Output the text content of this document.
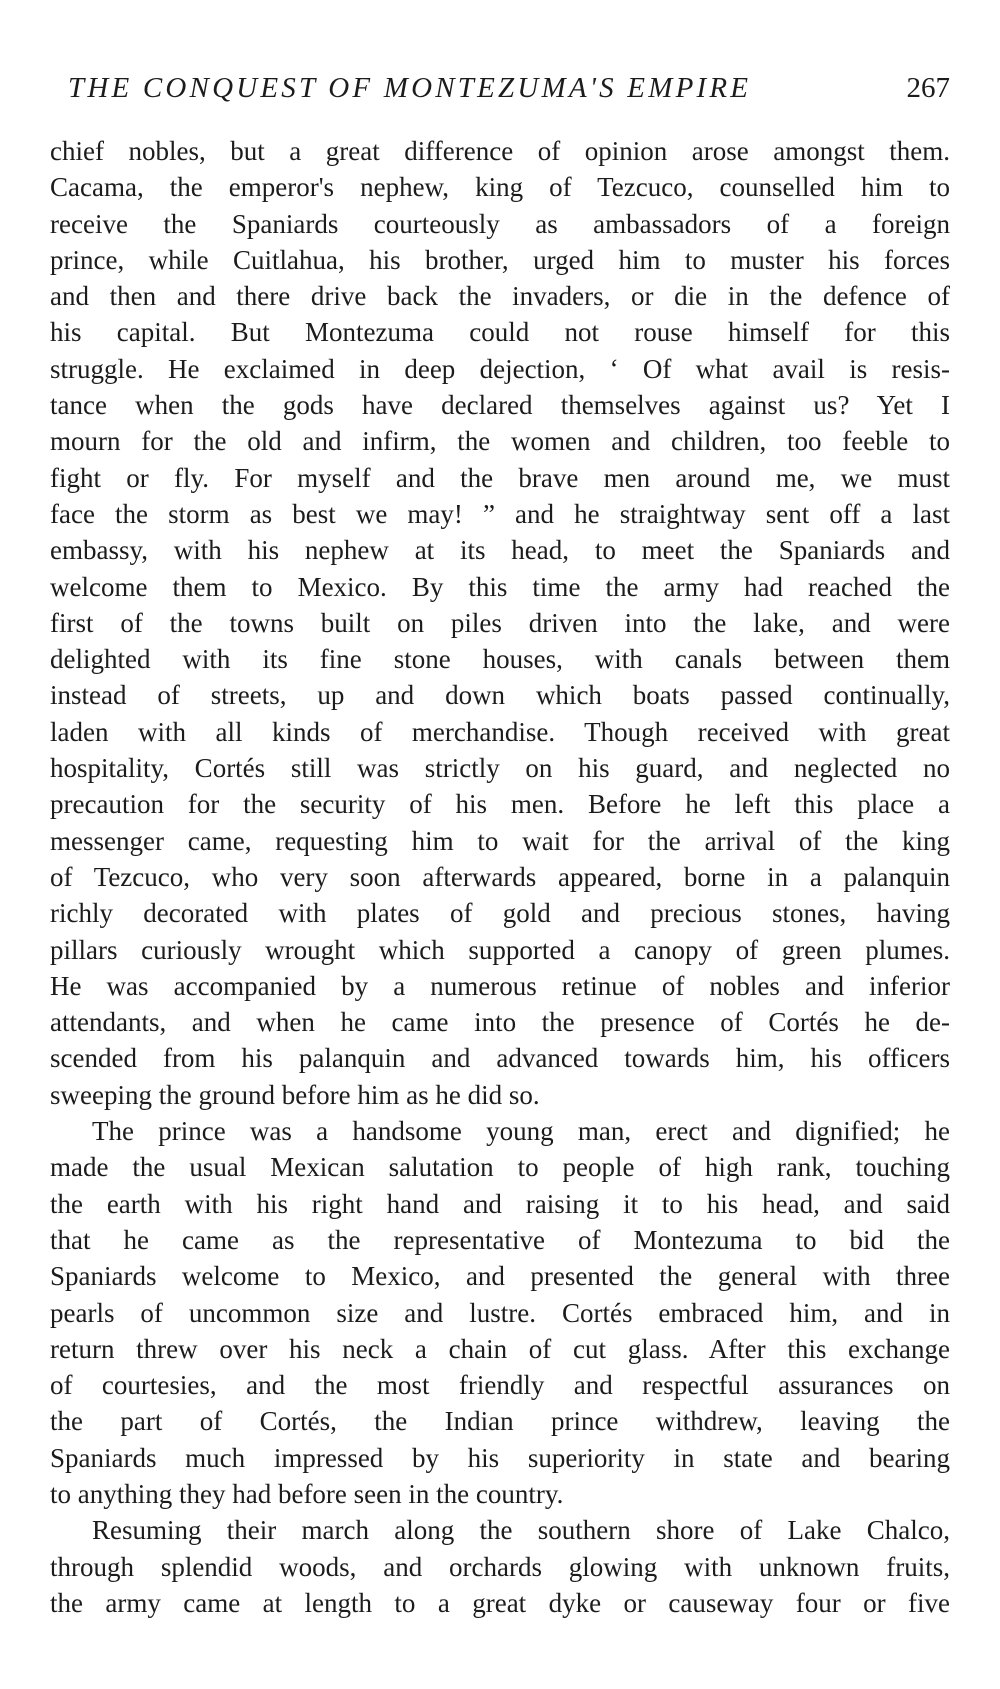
THE CONQUEST OF MONTEZUMA'S EMPIRE	267
chief nobles, but a great difference of opinion arose amongst them.
Cacama, the emperor's nephew, king of Tezcuco, counselled him to
receive the Spaniards courteously as ambassadors of a foreign
prince, while Cuitlahua, his brother, urged him to muster his forces
and then and there drive back the invaders, or die in the defence of
his capital. But Montezuma could not rouse himself for this
struggle. He exclaimed in deep dejection, ‘ Of what avail is resis-
tance when the gods have declared themselves against us? Yet I
mourn for the old and infirm, the women and children, too feeble to
fight or fly. For myself and the brave men around me, we must
face the storm as best we may! ” and he straightway sent off a last
embassy, with his nephew at its head, to meet the Spaniards and
welcome them to Mexico. By this time the army had reached the
first of the towns built on piles driven into the lake, and were
delighted with its fine stone houses, with canals between them
instead of streets, up and down which boats passed continually,
laden with all kinds of merchandise. Though received with great
hospitality, Cortés still was strictly on his guard, and neglected no
precaution for the security of his men. Before he left this place a
messenger came, requesting him to wait for the arrival of the king
of Tezcuco, who very soon afterwards appeared, borne in a palanquin
richly decorated with plates of gold and precious stones, having
pillars curiously wrought which supported a canopy of green plumes.
He was accompanied by a numerous retinue of nobles and inferior
attendants, and when he came into the presence of Cortés he de-
scended from his palanquin and advanced towards him, his officers
sweeping the ground before him as he did so.
The prince was a handsome young man, erect and dignified; he
made the usual Mexican salutation to people of high rank, touching
the earth with his right hand and raising it to his head, and said
that he came as the representative of Montezuma to bid the
Spaniards welcome to Mexico, and presented the general with three
pearls of uncommon size and lustre. Cortés embraced him, and in
return threw over his neck a chain of cut glass. After this exchange
of courtesies, and the most friendly and respectful assurances on
the part of Cortés, the Indian prince withdrew, leaving the
Spaniards much impressed by his superiority in state and bearing
to anything they had before seen in the country.
Resuming their march along the southern shore of Lake Chalco,
through splendid woods, and orchards glowing with unknown fruits,
the army came at length to a great dyke or causeway four or five
